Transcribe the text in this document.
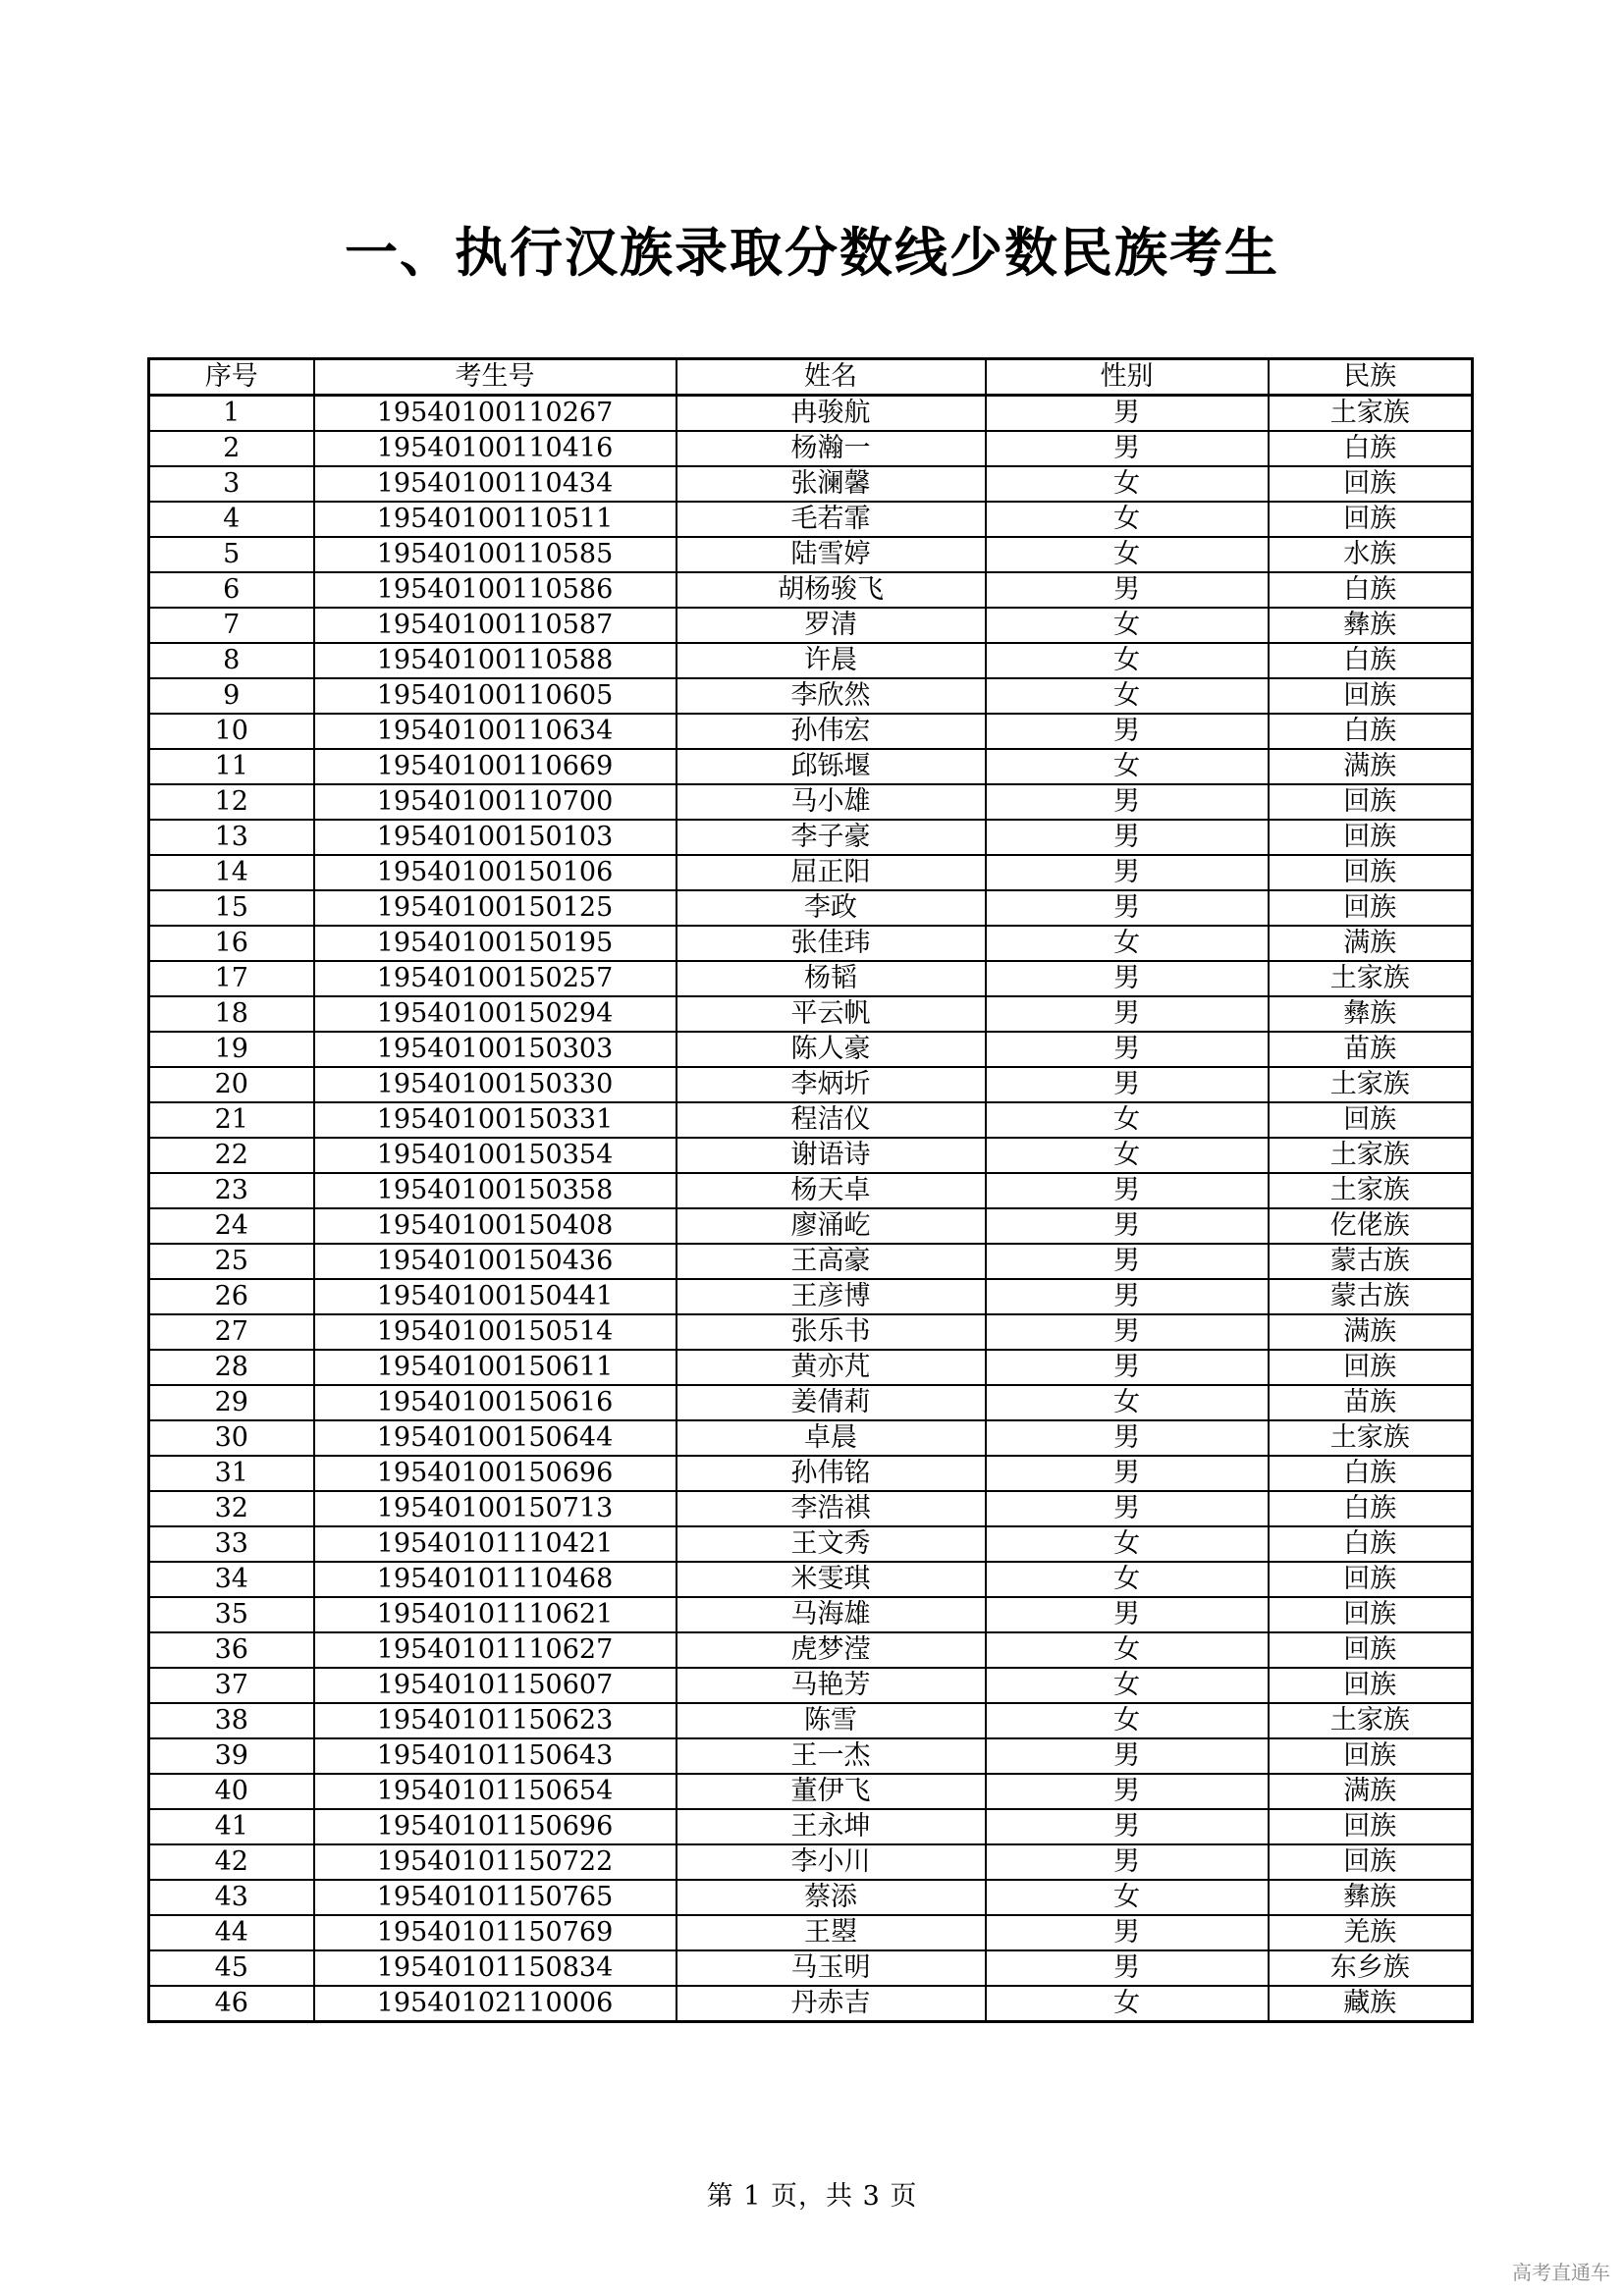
一、执行汉族录取分数线少数民族考生
序号	考生号	姓名	性别	民族
1	19540100110267	冉骏航	男	土家族
2	19540100110416	杨瀚一	男	白族
3	19540100110434	张澜馨	女	回族
4	19540100110511	毛若霏	女	回族
5	19540100110585	陆雪婷	女	水族
6	19540100110586	胡杨骏飞	男	白族
7	19540100110587	罗清	女	彝族
8	19540100110588	许晨	女	白族
9	19540100110605	李欣然	女	回族
10	19540100110634	孙伟宏	男	白族
11	19540100110669	邱铄堰	女	满族
12	19540100110700	马小雄	男	回族
13	19540100150103	李子豪	男	回族
14	19540100150106	屈正阳	男	回族
15	19540100150125	李政	男	回族
16	19540100150195	张佳玮	女	满族
17	19540100150257	杨韬	男	土家族
18	19540100150294	平云帆	男	彝族
19	19540100150303	陈人豪	男	苗族
20	19540100150330	李炳圻	男	土家族
21	19540100150331	程洁仪	女	回族
22	19540100150354	谢语诗	女	土家族
23	19540100150358	杨天卓	男	土家族
24	19540100150408	廖涌屹	男	仡佬族
25	19540100150436	王高豪	男	蒙古族
26	19540100150441	王彦博	男	蒙古族
27	19540100150514	张乐书	男	满族
28	19540100150611	黄亦芃	男	回族
29	19540100150616	姜倩莉	女	苗族
30	19540100150644	卓晨	男	土家族
31	19540100150696	孙伟铭	男	白族
32	19540100150713	李浩祺	男	白族
33	19540101110421	王文秀	女	白族
34	19540101110468	米雯琪	女	回族
35	19540101110621	马海雄	男	回族
36	19540101110627	虎梦滢	女	回族
37	19540101150607	马艳芳	女	回族
38	19540101150623	陈雪	女	土家族
39	19540101150643	王一杰	男	回族
40	19540101150654	董伊飞	男	满族
41	19540101150696	王永坤	男	回族
42	19540101150722	李小川	男	回族
43	19540101150765	蔡添	女	彝族
44	19540101150769	王曌	男	羌族
45	19540101150834	马玉明	男	东乡族
46	19540102110006	丹赤吉	女	藏族
第 1 页，共 3 页
高考直通车
